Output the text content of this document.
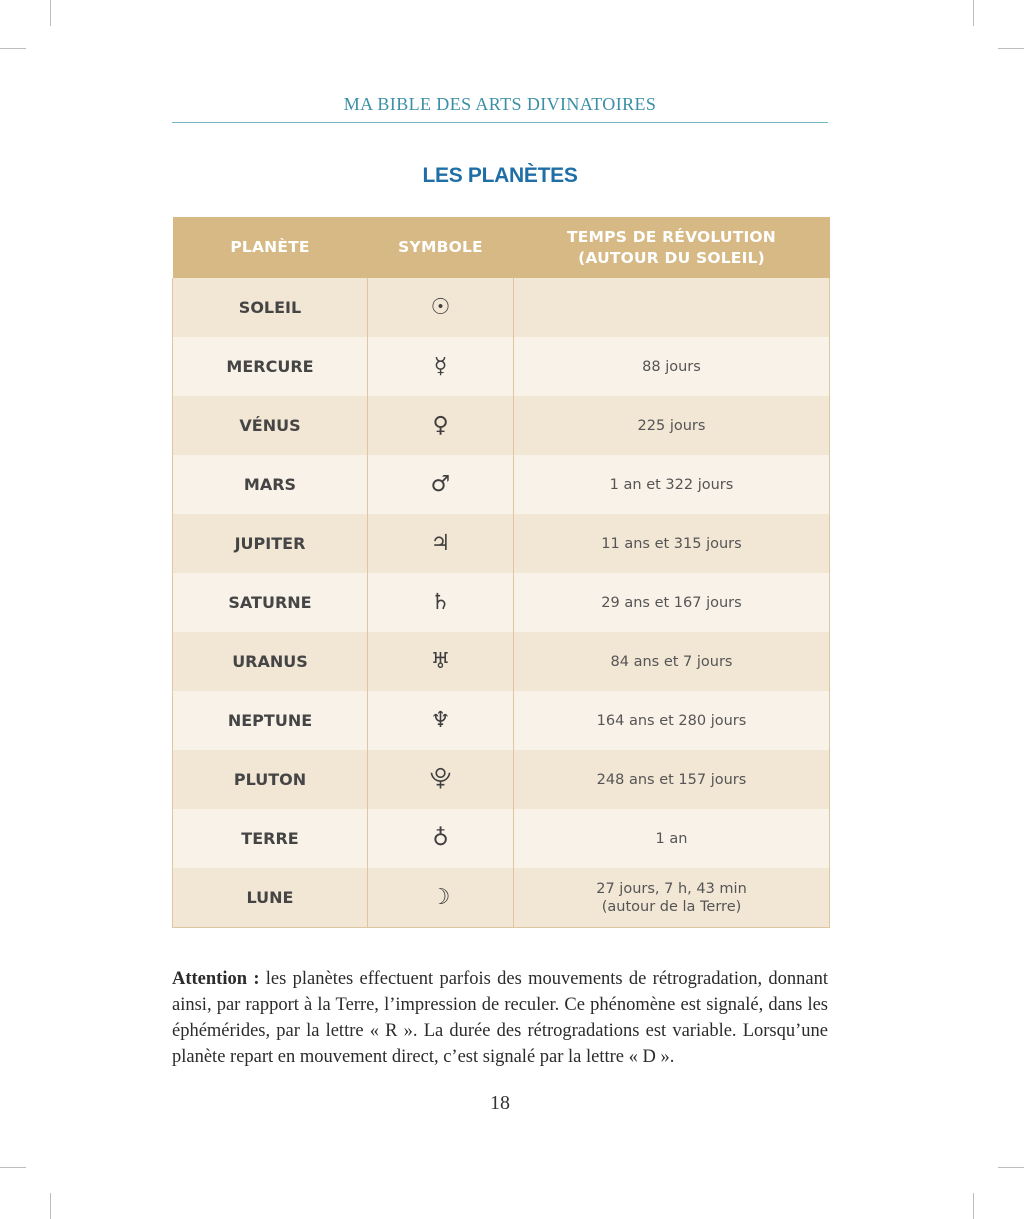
MA BIBLE DES ARTS DIVINATOIRES
LES PLANÈTES
PLANÈTE	SYMBOLE	TEMPS DE RÉVOLUTION
(AUTOUR DU SOLEIL)

SOLEIL	☉	
MERCURE	☿	88 jours

VÉNUS	♀	225 jours

MARS	♂	1 an et 322 jours

JUPITER	♃	11 ans et 315 jours

SATURNE	♄	29 ans et 167 jours

URANUS	♅	84 ans et 7 jours

NEPTUNE	♆	164 ans et 280 jours

PLUTON	⯓	248 ans et 157 jours

TERRE	♁	1 an

LUNE	☽	27 jours, 7 h, 43 min
(autour de la Terre)
Attention : les planètes effectuent parfois des mouvements de rétrogradation, donnant ainsi, par rapport à la Terre, l’impression de reculer. Ce phénomène est signalé, dans les éphémérides, par la lettre « R ». La durée des rétrogradations est variable. Lorsqu’une planète repart en mouvement direct, c’est signalé par la lettre « D ».
18
